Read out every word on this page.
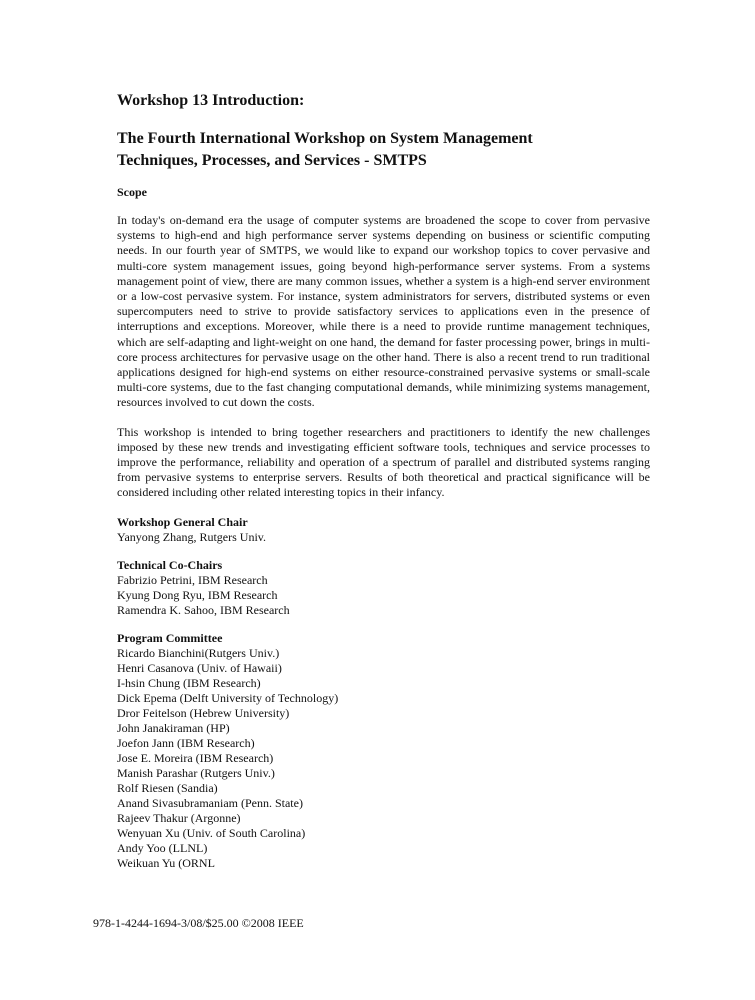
Workshop 13 Introduction:
The Fourth International Workshop on System Management Techniques, Processes, and Services - SMTPS
Scope

In today's on-demand era the usage of computer systems are broadened the scope to cover from pervasive systems to high-end and high performance server systems depending on business or scientific computing needs. In our fourth year of SMTPS, we would like to expand our workshop topics to cover pervasive and multi-core system management issues, going beyond high-performance server systems. From a systems management point of view, there are many common issues, whether a system is a high-end server environment or a low-cost pervasive system. For instance, system administrators for servers, distributed systems or even supercomputers need to strive to provide satisfactory services to applications even in the presence of interruptions and exceptions. Moreover, while there is a need to provide runtime management techniques, which are self-adapting and light-weight on one hand, the demand for faster processing power, brings in multi-core process architectures for pervasive usage on the other hand. There is also a recent trend to run traditional applications designed for high-end systems on either resource-constrained pervasive systems or small-scale multi-core systems, due to the fast changing computational demands, while minimizing systems management, resources involved to cut down the costs.

This workshop is intended to bring together researchers and practitioners to identify the new challenges imposed by these new trends and investigating efficient software tools, techniques and service processes to improve the performance, reliability and operation of a spectrum of parallel and distributed systems ranging from pervasive systems to enterprise servers. Results of both theoretical and practical significance will be considered including other related interesting topics in their infancy.

Workshop General Chair
Yanyong Zhang, Rutgers Univ.
Technical Co-Chairs
Fabrizio Petrini, IBM Research
Kyung Dong Ryu, IBM Research
Ramendra K. Sahoo, IBM Research
Program Committee
Ricardo Bianchini(Rutgers Univ.)
Henri Casanova (Univ. of Hawaii)
I-hsin Chung (IBM Research)
Dick Epema (Delft University of Technology)
Dror Feitelson (Hebrew University)
John Janakiraman (HP)
Joefon Jann (IBM Research)
Jose E. Moreira (IBM Research)
Manish Parashar (Rutgers Univ.)
Rolf Riesen (Sandia)
Anand Sivasubramaniam (Penn. State)
Rajeev Thakur (Argonne)
Wenyuan Xu (Univ. of South Carolina)
Andy Yoo (LLNL)
Weikuan Yu (ORNL
978-1-4244-1694-3/08/$25.00 ©2008 IEEE
